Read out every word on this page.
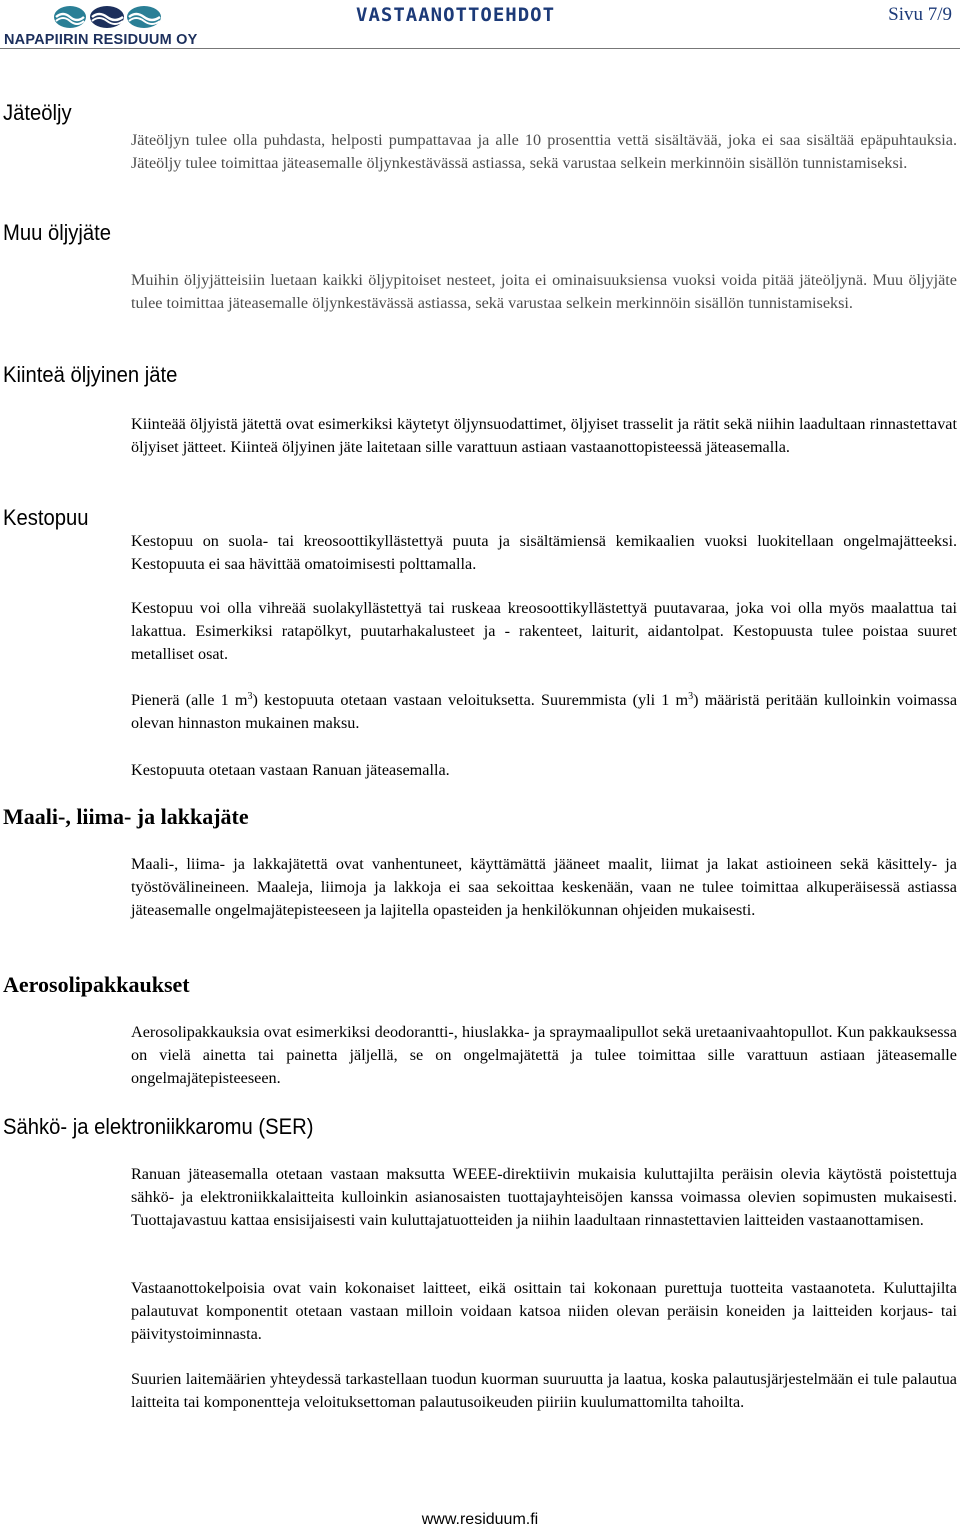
NAPAPIIRIN RESIDUUM OY
VASTAANOTTOEHDOT	Sivu 7/9
Jäteöljy

Jäteöljyn tulee olla puhdasta, helposti pumpattavaa ja alle 10 prosenttia vettä sisältävää, joka ei saa sisältää epäpuhtauksia. Jäteöljy tulee toimittaa jäteasemalle öljynkestävässä astiassa, sekä varustaa selkein merkinnöin sisällön tunnistamiseksi.

Muu öljyjäte

Muihin öljyjätteisiin luetaan kaikki öljypitoiset nesteet, joita ei ominaisuuksiensa vuoksi voida pitää jäteöljynä. Muu öljyjäte tulee toimittaa jäteasemalle öljynkestävässä astiassa, sekä varustaa selkein merkinnöin sisällön tunnistamiseksi.

Kiinteä öljyinen jäte

Kiinteää öljyistä jätettä ovat esimerkiksi käytetyt öljynsuodattimet, öljyiset trasselit ja rätit sekä niihin laadultaan rinnastettavat öljyiset jätteet. Kiinteä öljyinen jäte laitetaan sille varattuun astiaan vastaanottopisteessä jäteasemalla.

Kestopuu

Kestopuu on suola- tai kreosoottikyllästettyä puuta ja sisältämiensä kemikaalien vuoksi luokitellaan ongelmajätteeksi. Kestopuuta ei saa hävittää omatoimisesti polttamalla.

Kestopuu voi olla vihreää suolakyllästettyä tai ruskeaa kreosoottikyllästettyä puutavaraa, joka voi olla myös maalattua tai lakattua. Esimerkiksi ratapölkyt, puutarhakalusteet ja - rakenteet, laiturit, aidantolpat. Kestopuusta tulee poistaa suuret metalliset osat.

Pienerä (alle 1 $m^3$) kestopuuta otetaan vastaan veloituksetta. Suuremmista (yli 1 $m^3$) määristä peritään kulloinkin voimassa olevan hinnaston mukainen maksu.

Kestopuuta otetaan vastaan Ranuan jäteasemalla.

Maali-, liima- ja lakkajäte

Maali-, liima- ja lakkajätettä ovat vanhentuneet, käyttämättä jääneet maalit, liimat ja lakat astioineen sekä käsittely- ja työstövälineineen. Maaleja, liimoja ja lakkoja ei saa sekoittaa keskenään, vaan ne tulee toimittaa alkuperäisessä astiassa jäteasemalle ongelmajätepisteeseen ja lajitella opasteiden ja henkilökunnan ohjeiden mukaisesti.

Aerosolipakkaukset

Aerosolipakkauksia ovat esimerkiksi deodorantti-, hiuslakka- ja spraymaalipullot sekä uretaanivaahtopullot. Kun pakkauksessa on vielä ainetta tai painetta jäljellä, se on ongelmajätettä ja tulee toimittaa sille varattuun astiaan jäteasemalle ongelmajätepisteeseen.

Sähkö- ja elektroniikkaromu (SER)

Ranuan jäteasemalla otetaan vastaan maksutta WEEE-direktiivin mukaisia kuluttajilta peräisin olevia käytöstä poistettuja sähkö- ja elektroniikkalaitteita kulloinkin asianosaisten tuottajayhteisöjen kanssa voimassa olevien sopimusten mukaisesti. Tuottajavastuu kattaa ensisijaisesti vain kuluttajatuotteiden ja niihin laadultaan rinnastettavien laitteiden vastaanottamisen.

Vastaanottokelpoisia ovat vain kokonaiset laitteet, eikä osittain tai kokonaan purettuja tuotteita vastaanoteta. Kuluttajilta palautuvat komponentit otetaan vastaan milloin voidaan katsoa niiden olevan peräisin koneiden ja laitteiden korjaus- tai päivitystoiminnasta.

Suurien laitemäärien yhteydessä tarkastellaan tuodun kuorman suuruutta ja laatua, koska palautusjärjestelmään ei tule palautua laitteita tai komponentteja veloituksettoman palautusoikeuden piiriin kuulumattomilta tahoilta.

www.residuum.fi
